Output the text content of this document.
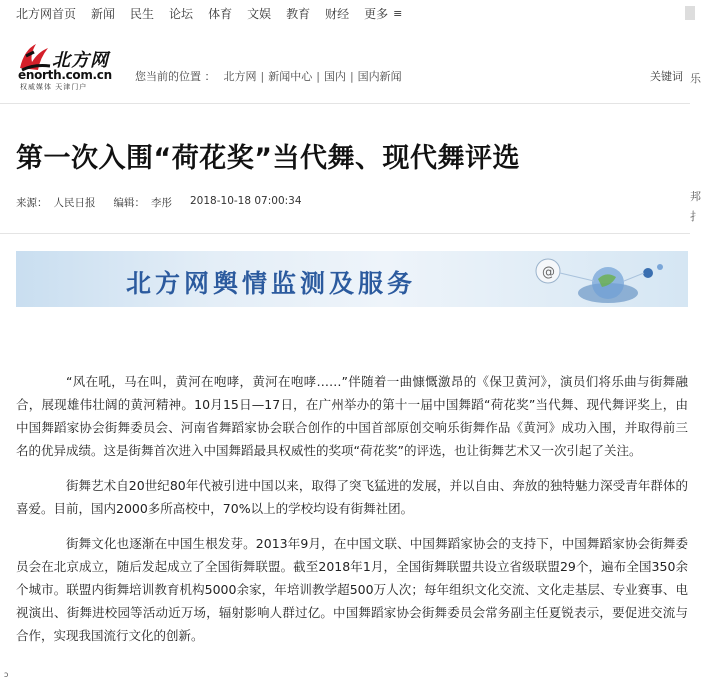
北方网首页 新闻 民生 论坛 体育 文娱 教育 财经 更多 ≡
北方网
enorth.com.cn
权威媒体 天津门户
您当前的位置 ： 北方网 | 新闻中心 | 国内 | 国内新闻	关键词
第一次入围“荷花奖”当代舞、现代舞评选
来源： 人民日报 编辑： 李彤 2018-10-18 07:00:34
北方网舆情监测及服务	@

“风在吼，马在叫，黄河在咆哮，黄河在咆哮……”伴随着一曲慷慨激昂的《保卫黄河》，演员们将乐曲与街舞融合，展现雄伟壮阔的黄河精神。10月15日—17日，在广州举办的第十一届中国舞蹈“荷花奖”当代舞、现代舞评奖上，由中国舞蹈家协会街舞委员会、河南省舞蹈家协会联合创作的中国首部原创交响乐街舞作品《黄河》成功入围，并取得前三名的优异成绩。这是街舞首次进入中国舞蹈最具权威性的奖项“荷花奖”的评选，也让街舞艺术又一次引起了关注。

街舞艺术自20世纪80年代被引进中国以来，取得了突飞猛进的发展，并以自由、奔放的独特魅力深受青年群体的喜爱。目前，国内2000多所高校中，70%以上的学校均设有街舞社团。

街舞文化也逐渐在中国生根发芽。2013年9月，在中国文联、中国舞蹈家协会的支持下，中国舞蹈家协会街舞委员会在北京成立，随后发起成立了全国街舞联盟。截至2018年1月，全国街舞联盟共设立省级联盟29个，遍布全国350余个城市。联盟内街舞培训教育机构5000余家，年培训教学超500万人次；每年组织文化交流、文化走基层、专业赛事、电视演出、街舞进校园等活动近万场，辐射影响人群过亿。中国舞蹈家协会街舞委员会常务副主任夏锐表示，要促进交流与合作，实现我国流行文化的创新。

乐
邦
扌
ↄ
